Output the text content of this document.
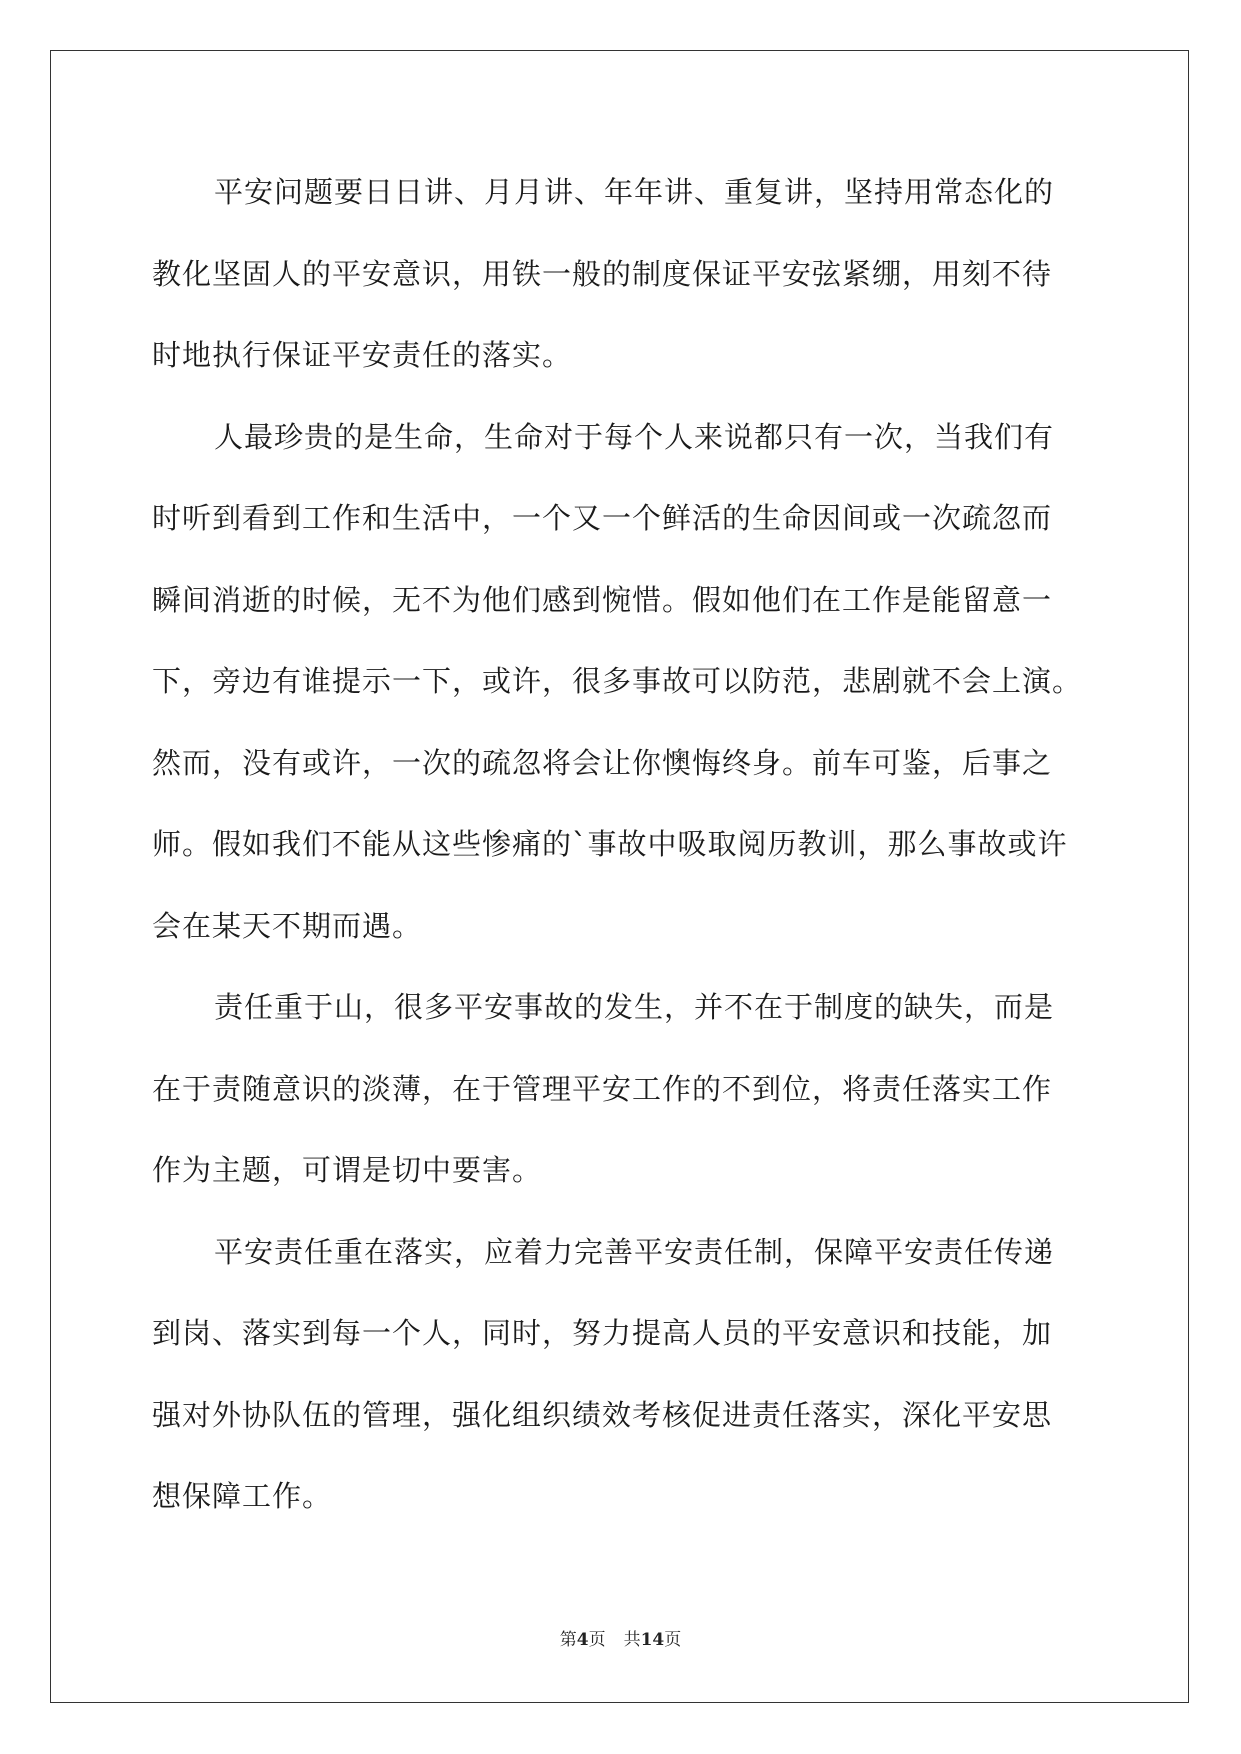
平安问题要日日讲、月月讲、年年讲、重复讲，坚持用常态化的
教化坚固人的平安意识，用铁一般的制度保证平安弦紧绷，用刻不待
时地执行保证平安责任的落实。

人最珍贵的是生命，生命对于每个人来说都只有一次，当我们有
时听到看到工作和生活中，一个又一个鲜活的生命因间或一次疏忽而
瞬间消逝的时候，无不为他们感到惋惜。假如他们在工作是能留意一
下，旁边有谁提示一下，或许，很多事故可以防范，悲剧就不会上演。
然而，没有或许，一次的疏忽将会让你懊悔终身。前车可鉴，后事之
师。假如我们不能从这些惨痛的`事故中吸取阅历教训，那么事故或许
会在某天不期而遇。

责任重于山，很多平安事故的发生，并不在于制度的缺失，而是
在于责随意识的淡薄，在于管理平安工作的不到位，将责任落实工作
作为主题，可谓是切中要害。

平安责任重在落实，应着力完善平安责任制，保障平安责任传递
到岗、落实到每一个人，同时，努力提高人员的平安意识和技能，加
强对外协队伍的管理，强化组织绩效考核促进责任落实，深化平安思
想保障工作。

第4页 共14页
